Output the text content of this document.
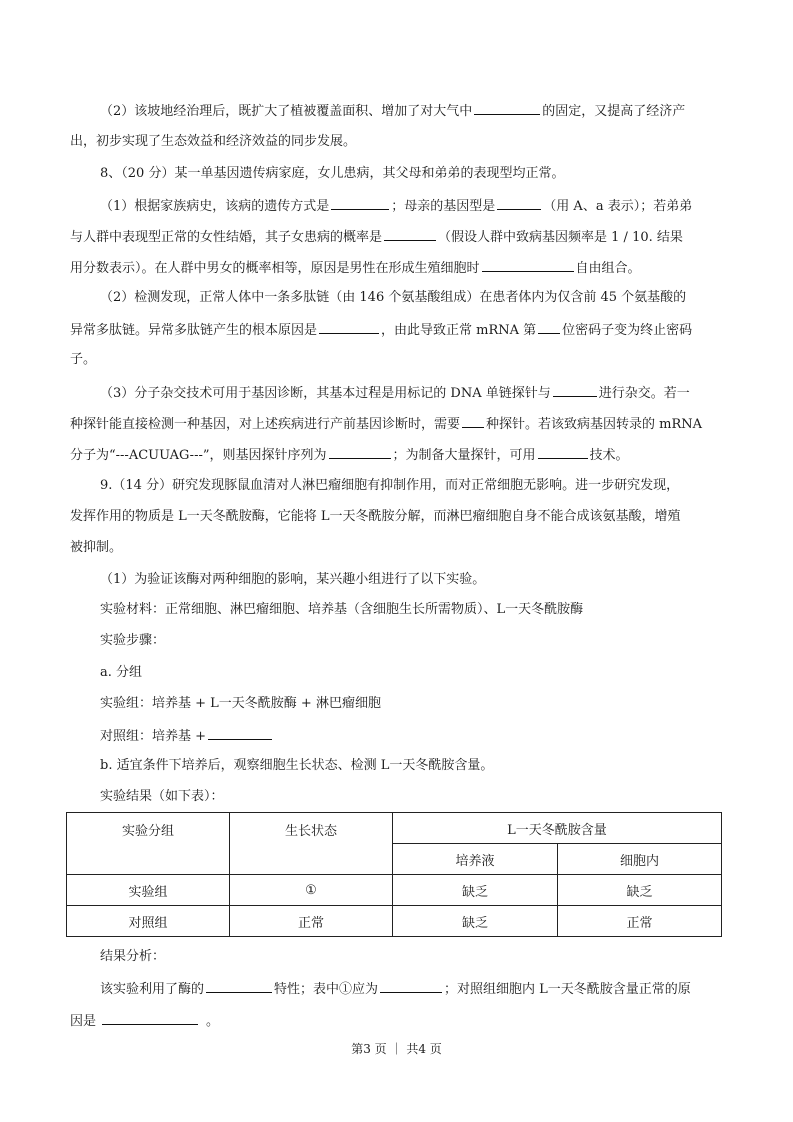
（2）该坡地经治理后，既扩大了植被覆盖面积、增加了对大气中	的固定，又提高了经济产
出，初步实现了生态效益和经济效益的同步发展。
8、（20 分）某一单基因遗传病家庭，女儿患病，其父母和弟弟的表现型均正常。
（1）根据家族病史，该病的遗传方式是	；母亲的基因型是	（用 A、a 表示）；若弟弟
与人群中表现型正常的女性结婚，其子女患病的概率是	（假设人群中致病基因频率是 1 / 10. 结果
用分数表示）。在人群中男女的概率相等，原因是男性在形成生殖细胞时	自由组合。
（2）检测发现，正常人体中一条多肽链（由 146 个氨基酸组成）在患者体内为仅含前 45 个氨基酸的
异常多肽链。异常多肽链产生的根本原因是	，由此导致正常 mRNA 第 位密码子变为终止密码
子。
（3）分子杂交技术可用于基因诊断，其基本过程是用标记的 DNA 单链探针与	进行杂交。若一
种探针能直接检测一种基因，对上述疾病进行产前基因诊断时，需要 种探针。若该致病基因转录的 mRNA
分子为“---ACUUAG---”，则基因探针序列为	；为制备大量探针，可用	技术。
9.（14 分）研究发现豚鼠血清对人淋巴瘤细胞有抑制作用，而对正常细胞无影响。进一步研究发现，
发挥作用的物质是 L一天冬酰胺酶，它能将 L一天冬酰胺分解，而淋巴瘤细胞自身不能合成该氨基酸，增殖
被抑制。
（1）为验证该酶对两种细胞的影响，某兴趣小组进行了以下实验。
实验材料：正常细胞、淋巴瘤细胞、培养基（含细胞生长所需物质）、L一天冬酰胺酶
实验步骤：
a. 分组
实验组：培养基 + L一天冬酰胺酶 + 淋巴瘤细胞
对照组：培养基 +
b. 适宜条件下培养后，观察细胞生长状态、检测 L一天冬酰胺含量。
实验结果（如下表）：
实验分组	生长状态	L一天冬酰胺含量	
		培养液	细胞内
实验组	①	缺乏	缺乏
对照组	正常	缺乏	正常
结果分析：
该实验利用了酶的	特性；表中①应为	；对照组细胞内 L一天冬酰胺含量正常的原
因是	。
第3 页 ｜ 共4 页
